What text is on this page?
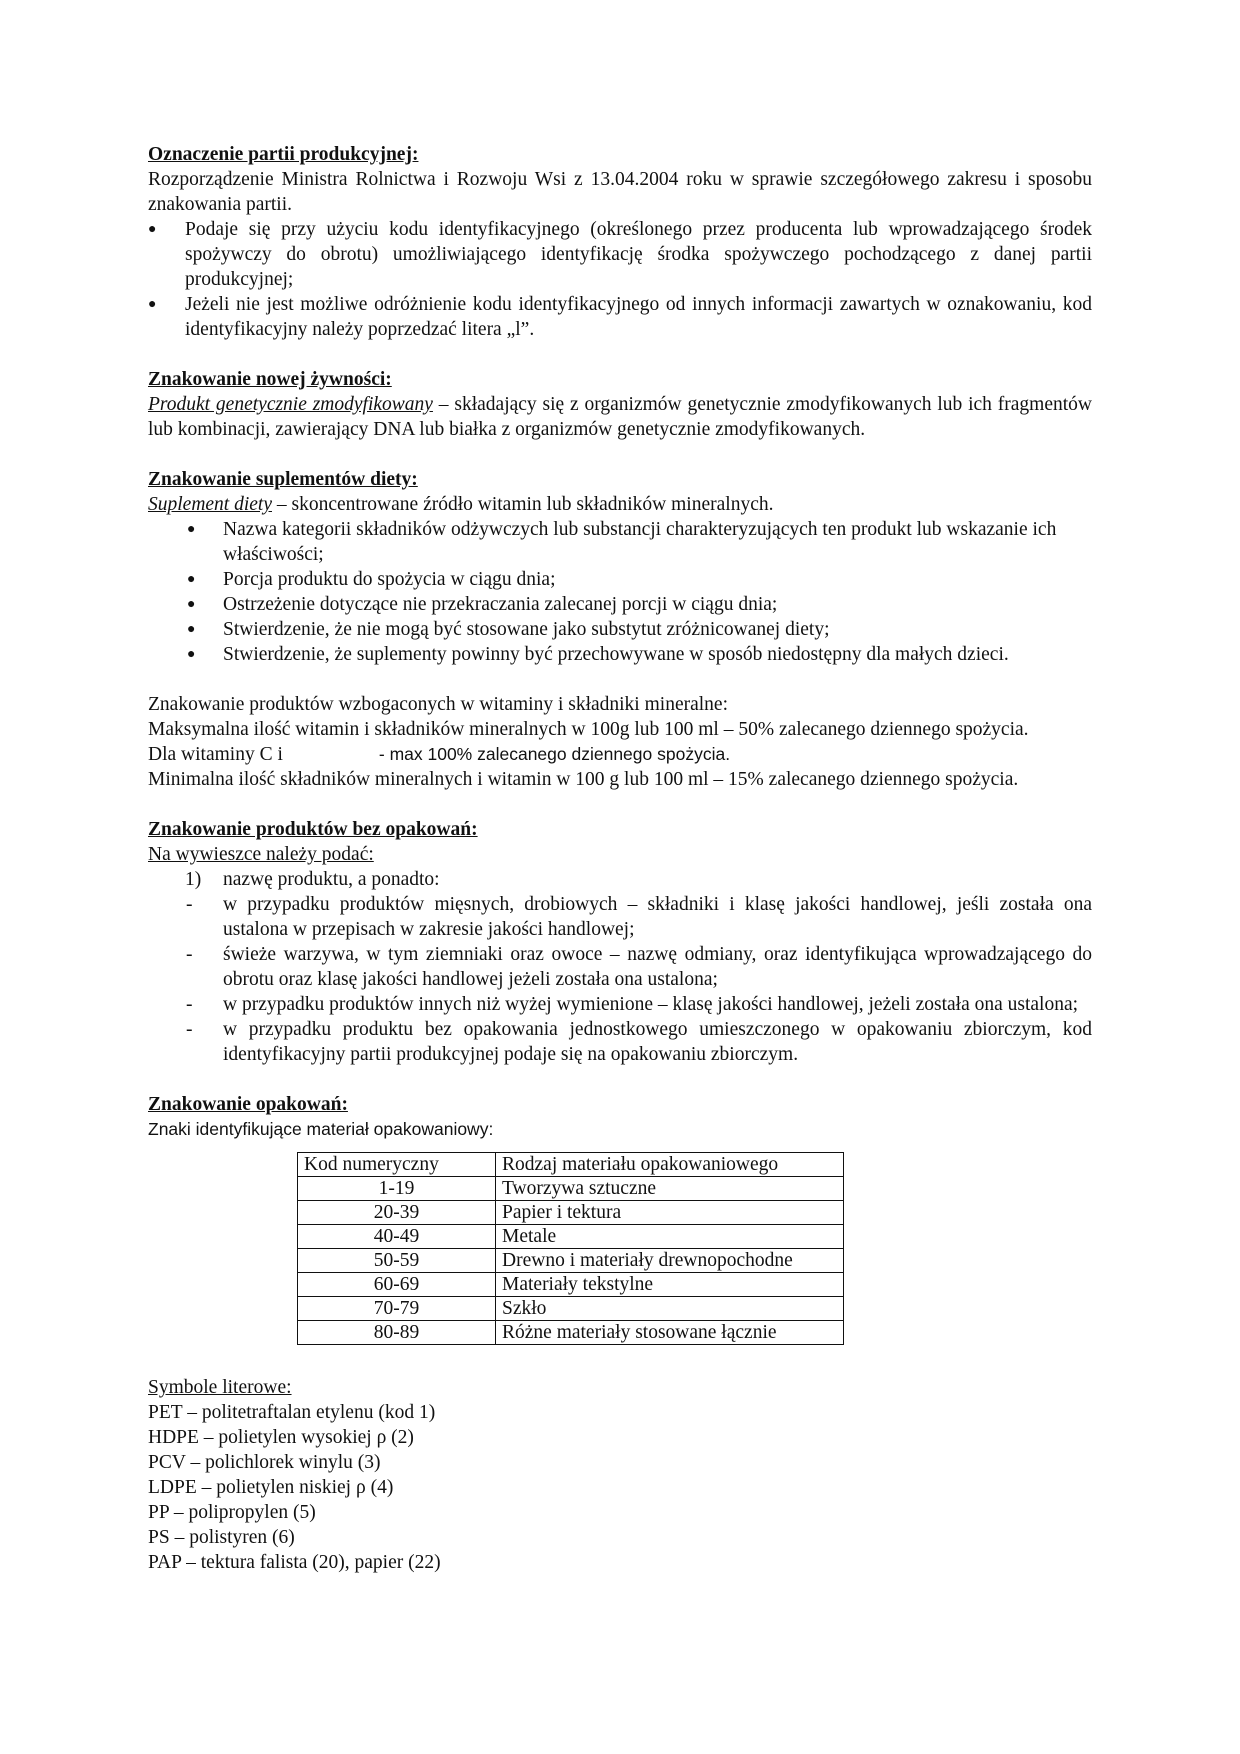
Oznaczenie partii produkcyjnej:

Rozporządzenie Ministra Rolnictwa i Rozwoju Wsi z 13.04.2004 roku w sprawie szczegółowego zakresu i sposobu znakowania partii.

● Podaje się przy użyciu kodu identyfikacyjnego (określonego przez producenta lub wprowadzającego środek spożywczy do obrotu) umożliwiającego identyfikację środka spożywczego pochodzącego z danej partii produkcyjnej;
● Jeżeli nie jest możliwe odróżnienie kodu identyfikacyjnego od innych informacji zawartych w oznakowaniu, kod identyfikacyjny należy poprzedzać litera „l”.
Znakowanie nowej żywności:

Produkt genetycznie zmodyfikowany – składający się z organizmów genetycznie zmodyfikowanych lub ich fragmentów lub kombinacji, zawierający DNA lub białka z organizmów genetycznie zmodyfikowanych.

Znakowanie suplementów diety:

Suplement diety – skoncentrowane źródło witamin lub składników mineralnych.

● Nazwa kategorii składników odżywczych lub substancji charakteryzujących ten produkt lub wskazanie ich właściwości;
● Porcja produktu do spożycia w ciągu dnia;
● Ostrzeżenie dotyczące nie przekraczania zalecanej porcji w ciągu dnia;
● Stwierdzenie, że nie mogą być stosowane jako substytut zróżnicowanej diety;
● Stwierdzenie, że suplementy powinny być przechowywane w sposób niedostępny dla małych dzieci.

Znakowanie produktów wzbogaconych w witaminy i składniki mineralne:

Maksymalna ilość witamin i składników mineralnych w 100g lub 100 ml – 50% zalecanego dziennego spożycia.

Dla witaminy C i	- max 100% zalecanego dziennego spożycia.

Minimalna ilość składników mineralnych i witamin w 100 g lub 100 ml – 15% zalecanego dziennego spożycia.

Znakowanie produktów bez opakowań:
Na wywieszce należy podać:
1) nazwę produktu, a ponadto:
- w przypadku produktów mięsnych, drobiowych – składniki i klasę jakości handlowej, jeśli została ona ustalona w przepisach w zakresie jakości handlowej;
- świeże warzywa, w tym ziemniaki oraz owoce – nazwę odmiany, oraz identyfikująca wprowadzającego do obrotu oraz klasę jakości handlowej jeżeli została ona ustalona;
- w przypadku produktów innych niż wyżej wymienione – klasę jakości handlowej, jeżeli została ona ustalona;
- w przypadku produktu bez opakowania jednostkowego umieszczonego w opakowaniu zbiorczym, kod identyfikacyjny partii produkcyjnej podaje się na opakowaniu zbiorczym.
Znakowanie opakowań:

Znaki identyfikujące materiał opakowaniowy:

Kod numeryczny	Rodzaj materiału opakowaniowego
1-19	Tworzywa sztuczne
20-39	Papier i tektura
40-49	Metale
50-59	Drewno i materiały drewnopochodne
60-69	Materiały tekstylne
70-79	Szkło
80-89	Różne materiały stosowane łącznie
Symbole literowe:
PET – politetraftalan etylenu (kod 1)
HDPE – polietylen wysokiej ρ (2)
PCV – polichlorek winylu (3)
LDPE – polietylen niskiej ρ (4)
PP – polipropylen (5)
PS – polistyren (6)
PAP – tektura falista (20), papier (22)
